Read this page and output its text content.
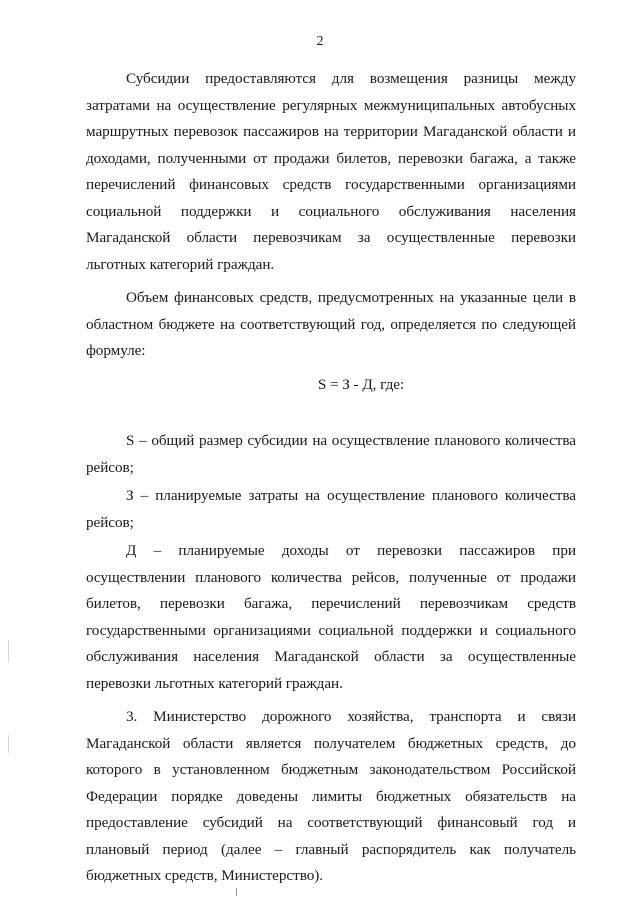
2

Субсидии предоставляются для возмещения разницы между затратами на осуществление регулярных межмуниципальных автобусных маршрутных перевозок пассажиров на территории Магаданской области и доходами, полученными от продажи билетов, перевозки багажа, а также перечислений финансовых средств государственными организациями социальной поддержки и социального обслуживания населения Магаданской области перевозчикам за осуществленные перевозки льготных категорий граждан.

Объем финансовых средств, предусмотренных на указанные цели в областном бюджете на соответствующий год, определяется по следующей формуле:

S = З - Д, где:

S – общий размер субсидии на осуществление планового количества рейсов;

З – планируемые затраты на осуществление планового количества рейсов;

Д – планируемые доходы от перевозки пассажиров при осуществлении планового количества рейсов, полученные от продажи билетов, перевозки багажа, перечислений перевозчикам средств государственными организациями социальной поддержки и социального обслуживания населения Магаданской области за осуществленные перевозки льготных категорий граждан.

3. Министерство дорожного хозяйства, транспорта и связи Магаданской области является получателем бюджетных средств, до которого в установленном бюджетным законодательством Российской Федерации порядке доведены лимиты бюджетных обязательств на предоставление субсидий на соответствующий финансовый год и плановый период (далее – главный распорядитель как получатель бюджетных средств, Министерство).
